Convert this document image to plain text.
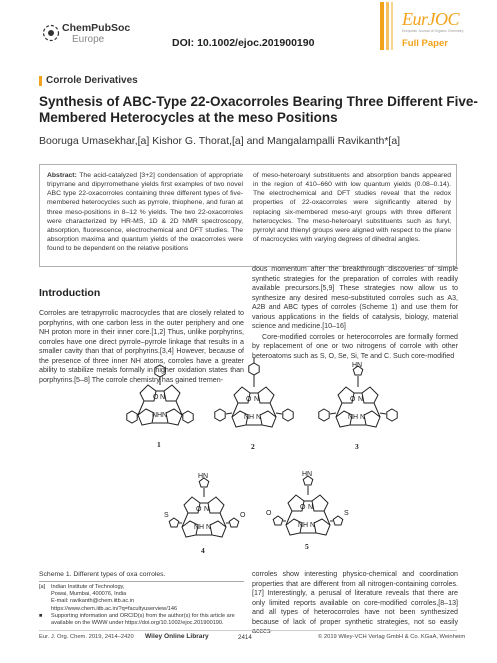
ChemPubSoc
Europe	DOI: 10.1002/ejoc.201900190
EurJOC
European Journal of Organic Chemistry
Full Paper
Corrole Derivatives
Synthesis of ABC-Type 22-Oxacorroles Bearing Three Different Five-Membered Heterocycles at the meso Positions
Booruga Umasekhar,[a] Kishor G. Thorat,[a] and Mangalampalli Ravikanth*[a]
Abstract: The acid-catalyzed [3+2] condensation of appropriate tripyrrane and dipyrromethane yields first examples of two novel ABC type 22-oxacorroles containing three different types of five-membered heterocycles such as pyrrole, thiophene, and furan at three meso-positions in 8–12 % yields. The two 22-oxacorroles were characterized by HR-MS, 1D & 2D NMR spectroscopy, absorption, fluorescence, electrochemical and DFT studies. The absorption maxima and quantum yields of the oxacorroles were found to be dependent on the relative positions
of meso-heteroaryl substituents and absorption bands appeared in the region of 410–660 with low quantum yields (0.08–0.14). The electrochemical and DFT studies reveal that the redox properties of 22-oxacorroles were significantly altered by replacing six-membered meso-aryl groups with three different heterocycles. The meso-heteroaryl substituents such as furyl, pyrrolyl and thienyl groups were aligned with respect to the plane of macrocycles with varying degrees of dihedral angles.
Introduction
Corroles are tetrapyrrolic macrocycles that are closely related to porphyrins, with one carbon less in the outer periphery and one NH proton more in their inner core.[1,2] Thus, unlike porphyrins, corroles have one direct pyrrole–pyrrole linkage that results in a smaller cavity than that of porphyrins.[3,4] However, because of the presence of three inner NH atoms, corroles have a greater ability to stabilize metals formally in higher oxidation states than porphyrins.[5–8] The corrole chemistry has gained tremen-

dous momentum after the breakthrough discoveries of simple synthetic strategies for the preparation of corroles with readily available precursors.[5,9] These strategies now allow us to synthesize any desired meso-substituted corroles such as A3, A2B and ABC types of corroles (Scheme 1) and use them for various applications in the fields of catalysis, biology, material science and medicine.[10–16]

Core-modified corroles or heterocorroles are formally formed by replacement of one or two nitrogens of corrole with other heteroatoms such as S, O, Se, Si, Te and C. Such core-modified

O N
NH N
1
O N
NH N
2
HN
O N
NH N
3
HN
S	O
O N
NH N
4
HN
O	S
O N
NH N
5
Scheme 1. Different types of oxa corroles.	corroles show interesting physico-chemical and coordination properties that are different from all nitrogen-containing corroles.[17] Interestingly, a perusal of literature reveals that there are only limited reports available on core-modified corroles,[8–13] and all types of heterocorroles have not been synthesized because of lack of proper synthetic strategies, not so easily acces-
[a] Indian Institute of Technology,
Powai, Mumbai, 400076, India
E-mail: ravikanth@chem.iitb.ac.in
https://www.chem.iitb.ac.in/?q=facultyuserview/146
■ Supporting information and ORCID(s) from the author(s) for this article are
available on the WWW under https://doi.org/10.1002/ejoc.201900190.
Eur. J. Org. Chem. 2019, 2414–2420 Wiley Online Library	2414	© 2019 Wiley-VCH Verlag GmbH & Co. KGaA, Weinheim
